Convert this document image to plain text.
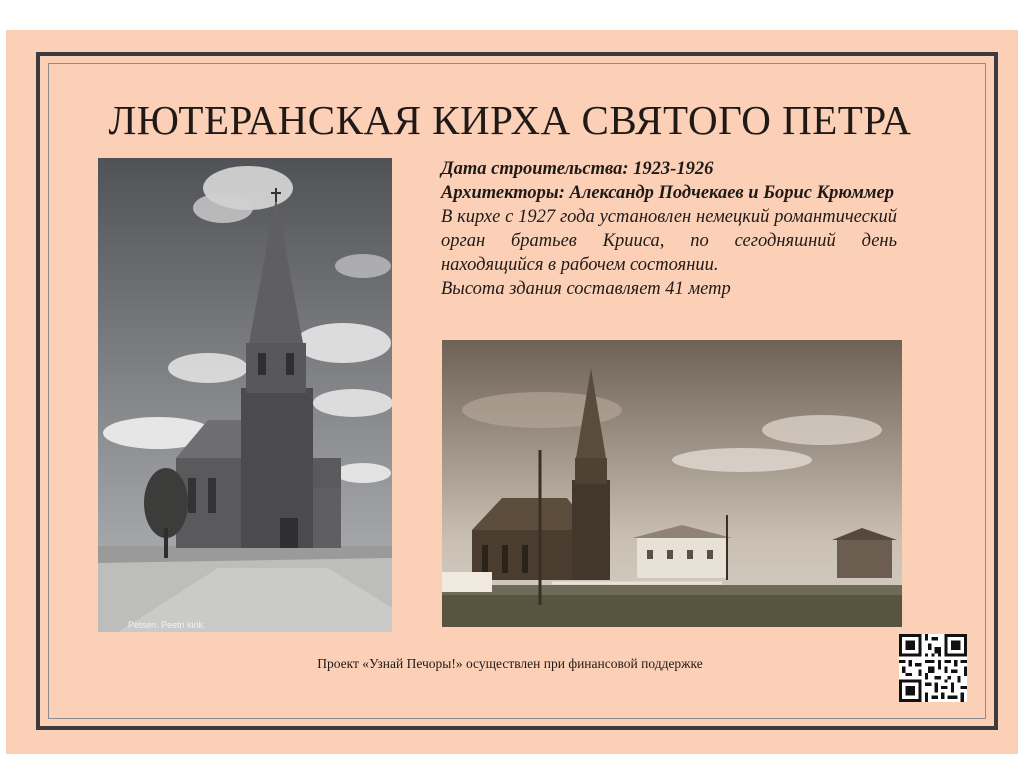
ЛЮТЕРАНСКАЯ КИРХА СВЯТОГО ПЕТРА
Дата строительства: 1923-1926
Архитекторы: Александр Подчекаев и Борис Крюммер
В кирхе с 1927 года установлен немецкий романтический орган братьев Крииса, по сегодняшний день находящийся в рабочем состоянии.
Высота здания составляет 41 метр
Petseri. Peetri kirik.
Проект «Узнай Печоры!» осуществлен при финансовой поддержке
